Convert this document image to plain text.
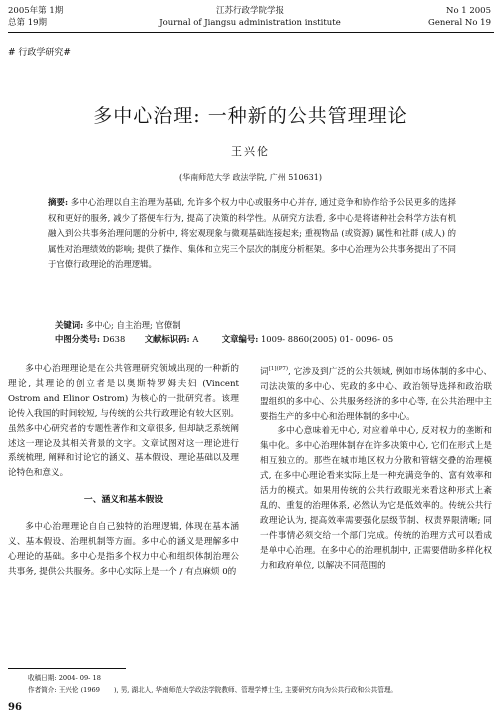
2005年第 1期
总第 19期
江苏行政学院学报
Journal of Jiangsu administration institute
No 1 2005
General No 19
# 行政学研究#
多中心治理: 一种新的公共管理理论
王兴伦
(华南师范大学 政法学院, 广州 510631)
摘要: 多中心治理以自主治理为基础, 允许多个权力中心或服务中心并存, 通过竞争和协作给予公民更多的选择权和更好的服务, 减少了搭便车行为, 提高了决策的科学性。从研究方法看, 多中心是将诸种社会科学方法有机融入到公共事务治理问题的分析中, 将宏观现象与微观基础连接起来; 重视物品 (或资源) 属性和社群 (成人) 的属性对治理绩效的影响; 提供了操作、集体和立宪三个层次的制度分析框架。多中心治理为公共事务提出了不同于官僚行政理论的治理逻辑。
关键词: 多中心; 自主治理; 官僚制
中图分类号: D638 文献标识码: A	文章编号: 1009- 8860(2005) 01- 0096- 05

多中心治理理论是在公共管理研究领域出现的一种新的理论, 其理论的创立者是以奥斯特罗姆夫妇 (Vincent Ostrom and Elinor Ostrom) 为核心的一批研究者。该理论传入我国的时间较短, 与传统的公共行政理论有较大区别。虽然多中心研究者的专题性著作和文章很多, 但却缺乏系统阐述这一理论及其相关背景的文字。文章试图对这一理论进行系统梳理, 阐释和讨论它的涵义、基本假设、理论基础以及理论特色和意义。

一、涵义和基本假设

多中心治理理论自自己独特的治理逻辑, 体现在基本涵义、基本假设、治理机制等方面。多中心的涵义是理解多中心理论的基础。多中心是指多个权力中心和组织体制治理公共事务, 提供公共服务。多中心实际上是一个 / 有点麻烦 0的

词$^{[1](P7)}$, 它涉及到广泛的公共领域, 例如市场体制的多中心、司法决策的多中心、宪政的多中心、政治领导选择和政治联盟组织的多中心、公共服务经济的多中心等, 在公共治理中主要指生产的多中心和治理体制的多中心。

多中心意味着无中心, 对应着单中心, 反对权力的垄断和集中化。多中心治理体制存在许多决策中心, 它们在形式上是相互独立的。那些在城市地区权力分散和管辖交叠的治理模式, 在多中心理论看来实际上是一种充满竞争的、富有效率和活力的模式。如果用传统的公共行政眼光来看这种形式上紊乱的、重复的治理体系, 必然认为它是低效率的。传统公共行政理论认为, 提高效率需要强化层级节制、权责界限清晰; 同一件事情必须交给一个部门完成。传统的治理方式可以看成是单中心治理。在多中心的治理机制中, 正需要借助多样化权力和政府单位, 以解决不同范围的

收稿日期: 2004- 09- 18
作者简介: 王兴伦 (1969 ), 男, 湖北人, 华南师范大学政法学院教师、管理学博士生, 主要研究方向为公共行政和公共管理。
96
